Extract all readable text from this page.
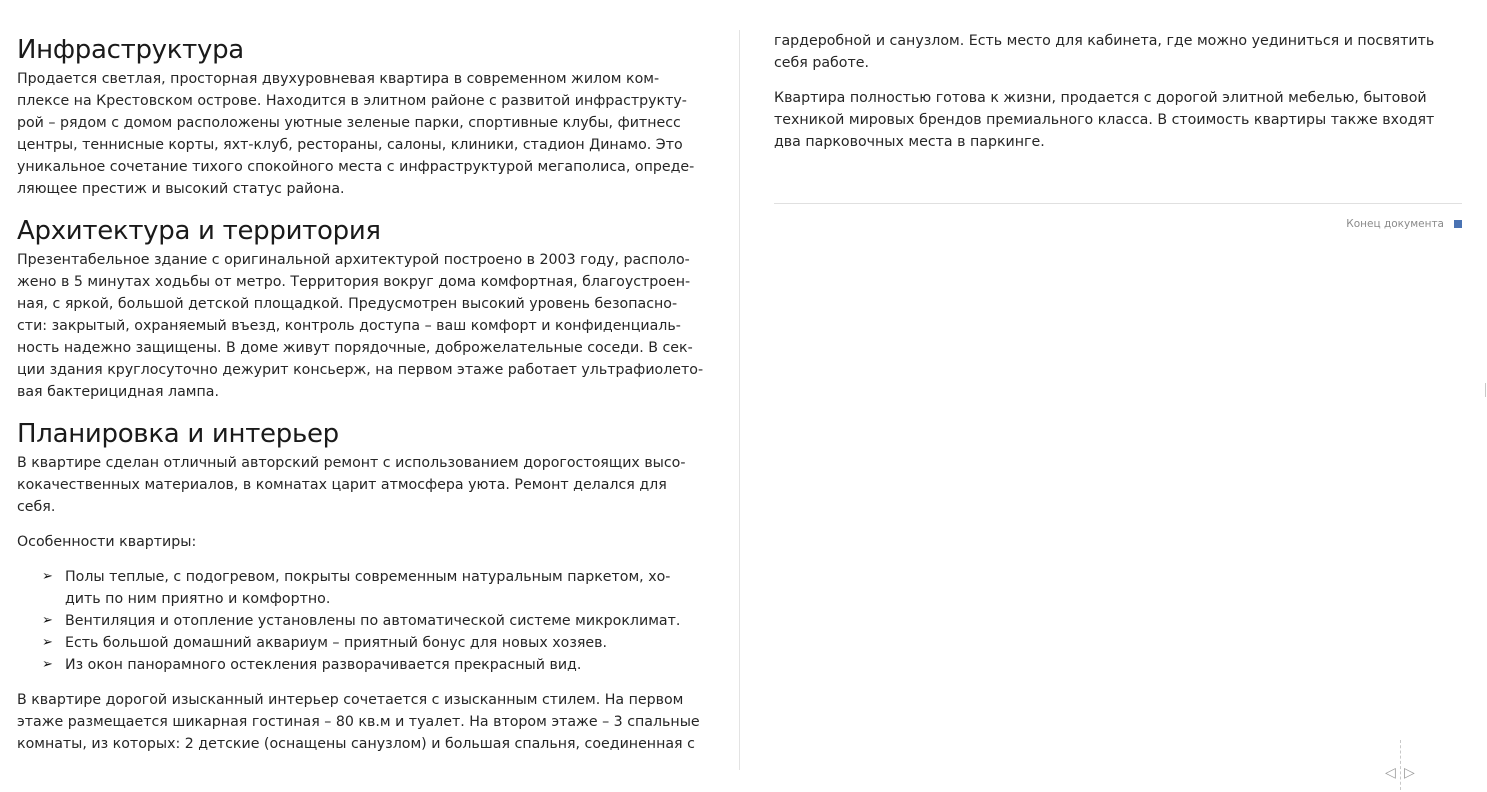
Инфраструктура

Продается светлая, просторная двухуровневая квартира в современном жилом ком-плексе на Крестовском острове. Находится в элитном районе с развитой инфраструкту-рой – рядом с домом расположены уютные зеленые парки, спортивные клубы, фитнесс центры, теннисные корты, яхт-клуб, рестораны, салоны, клиники, стадион Динамо. Это уникальное сочетание тихого спокойного места с инфраструктурой мегаполиса, опреде-ляющее престиж и высокий статус района.

Архитектура и территория

Презентабельное здание с оригинальной архитектурой построено в 2003 году, располо-жено в 5 минутах ходьбы от метро. Территория вокруг дома комфортная, благоустроен-ная, с яркой, большой детской площадкой. Предусмотрен высокий уровень безопасно-сти: закрытый, охраняемый въезд, контроль доступа – ваш комфорт и конфиденциаль-ность надежно защищены. В доме живут порядочные, доброжелательные соседи. В сек-ции здания круглосуточно дежурит консьерж, на первом этаже работает ультрафиолето-вая бактерицидная лампа.

Планировка и интерьер

В квартире сделан отличный авторский ремонт с использованием дорогостоящих высо-кокачественных материалов, в комнатах царит атмосфера уюта. Ремонт делался для себя.

Особенности квартиры:

➢ Полы теплые, с подогревом, покрыты современным натуральным паркетом, хо-дить по ним приятно и комфортно.
➢ Вентиляция и отопление установлены по автоматической системе микроклимат.
➢ Есть большой домашний аквариум – приятный бонус для новых хозяев.
➢ Из окон панорамного остекления разворачивается прекрасный вид.

В квартире дорогой изысканный интерьер сочетается с изысканным стилем. На первом этаже размещается шикарная гостиная – 80 кв.м и туалет. На втором этаже – 3 спальные комнаты, из которых: 2 детские (оснащены санузлом) и большая спальня, соединенная с

гардеробной и санузлом. Есть место для кабинета, где можно уединиться и посвятить себя работе.

Квартира полностью готова к жизни, продается с дорогой элитной мебелью, бытовой техникой мировых брендов премиального класса. В стоимость квартиры также входят два парковочных места в паркинге.

Конец документа
◁ ▷
